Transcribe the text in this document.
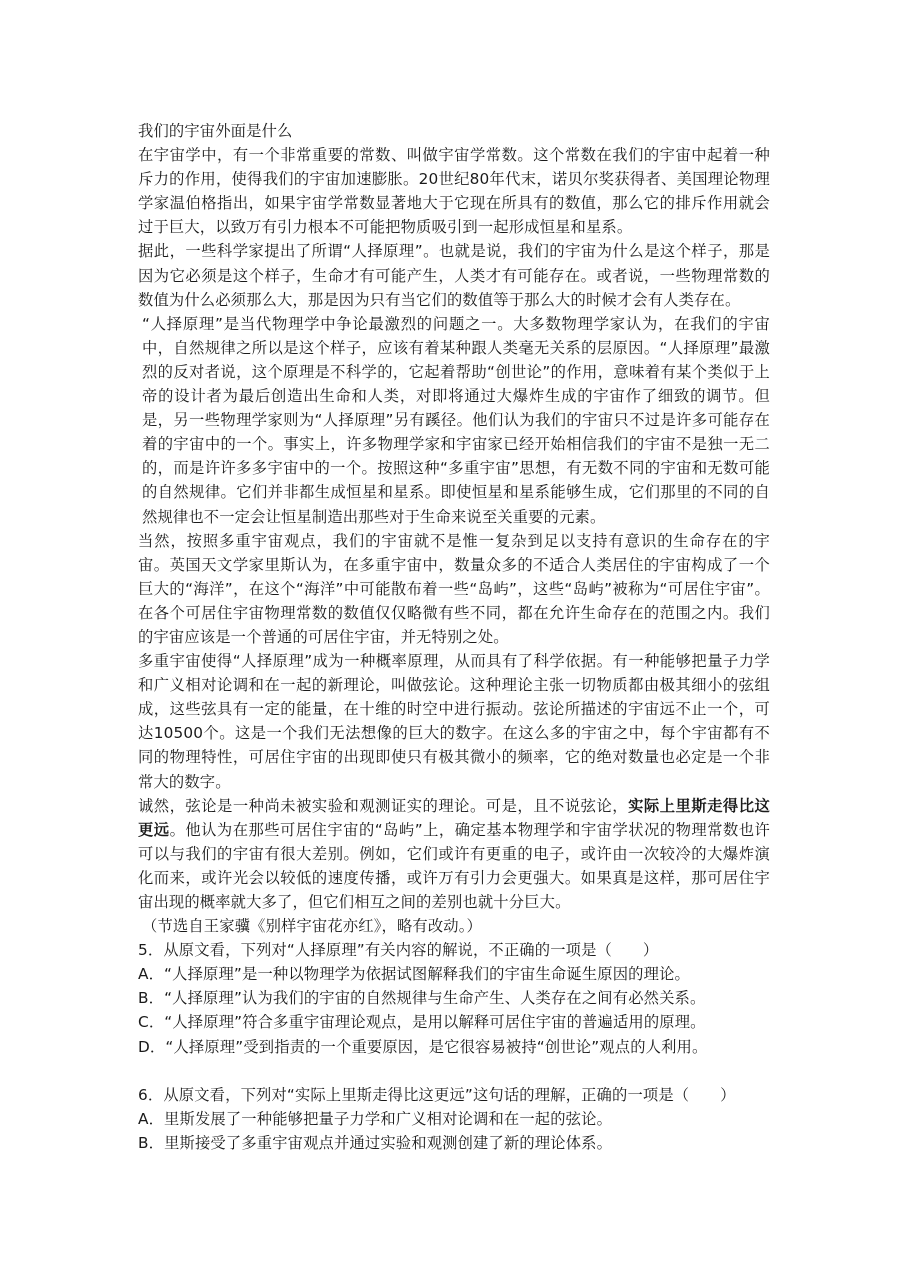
我们的宇宙外面是什么

在宇宙学中，有一个非常重要的常数、叫做宇宙学常数。这个常数在我们的宇宙中起着一种斥力的作用，使得我们的宇宙加速膨胀。20世纪80年代末，诺贝尔奖获得者、美国理论物理学家温伯格指出，如果宇宙学常数显著地大于它现在所具有的数值，那么它的排斥作用就会过于巨大，以致万有引力根本不可能把物质吸引到一起形成恒星和星系。

据此，一些科学家提出了所谓“人择原理”。也就是说，我们的宇宙为什么是这个样子，那是因为它必须是这个样子，生命才有可能产生，人类才有可能存在。或者说，一些物理常数的数值为什么必须那么大，那是因为只有当它们的数值等于那么大的时候才会有人类存在。

“人择原理”是当代物理学中争论最激烈的问题之一。大多数物理学家认为，在我们的宇宙中，自然规律之所以是这个样子，应该有着某种跟人类毫无关系的层原因。“人择原理”最激烈的反对者说，这个原理是不科学的，它起着帮助“创世论”的作用，意味着有某个类似于上帝的设计者为最后创造出生命和人类，对即将通过大爆炸生成的宇宙作了细致的调节。但是，另一些物理学家则为“人择原理”另有蹊径。他们认为我们的宇宙只不过是许多可能存在着的宇宙中的一个。事实上，许多物理学家和宇宙家已经开始相信我们的宇宙不是独一无二的，而是许许多多宇宙中的一个。按照这种“多重宇宙”思想，有无数不同的宇宙和无数可能的自然规律。它们并非都生成恒星和星系。即使恒星和星系能够生成，它们那里的不同的自然规律也不一定会让恒星制造出那些对于生命来说至关重要的元素。

当然，按照多重宇宙观点，我们的宇宙就不是惟一复杂到足以支持有意识的生命存在的宇宙。英国天文学家里斯认为，在多重宇宙中，数量众多的不适合人类居住的宇宙构成了一个巨大的“海洋”，在这个“海洋”中可能散布着一些“岛屿”，这些“岛屿”被称为“可居住宇宙”。在各个可居住宇宙物理常数的数值仅仅略微有些不同，都在允许生命存在的范围之内。我们的宇宙应该是一个普通的可居住宇宙，并无特别之处。

多重宇宙使得“人择原理”成为一种概率原理，从而具有了科学依据。有一种能够把量子力学和广义相对论调和在一起的新理论，叫做弦论。这种理论主张一切物质都由极其细小的弦组成，这些弦具有一定的能量，在十维的时空中进行振动。弦论所描述的宇宙远不止一个，可达10500个。这是一个我们无法想像的巨大的数字。在这么多的宇宙之中，每个宇宙都有不同的物理特性，可居住宇宙的出现即使只有极其微小的频率，它的绝对数量也必定是一个非常大的数字。

诚然，弦论是一种尚未被实验和观测证实的理论。可是，且不说弦论，实际上里斯走得比这更远。他认为在那些可居住宇宙的“岛屿”上，确定基本物理学和宇宙学状况的物理常数也许可以与我们的宇宙有很大差别。例如，它们或许有更重的电子，或许由一次较冷的大爆炸演化而来，或许光会以较低的速度传播，或许万有引力会更强大。如果真是这样，那可居住宇宙出现的概率就大多了，但它们相互之间的差别也就十分巨大。

（节选自王家骥《别样宇宙花亦红》，略有改动。）

5．从原文看，下列对“人择原理”有关内容的解说，不正确的一项是（　　）

A．“人择原理”是一种以物理学为依据试图解释我们的宇宙生命诞生原因的理论。

B．“人择原理”认为我们的宇宙的自然规律与生命产生、人类存在之间有必然关系。

C．“人择原理”符合多重宇宙理论观点，是用以解释可居住宇宙的普遍适用的原理。

D．“人择原理”受到指责的一个重要原因，是它很容易被持“创世论”观点的人利用。

6．从原文看，下列对“实际上里斯走得比这更远”这句话的理解，正确的一项是（　　）

A．里斯发展了一种能够把量子力学和广义相对论调和在一起的弦论。

B．里斯接受了多重宇宙观点并通过实验和观测创建了新的理论体系。
